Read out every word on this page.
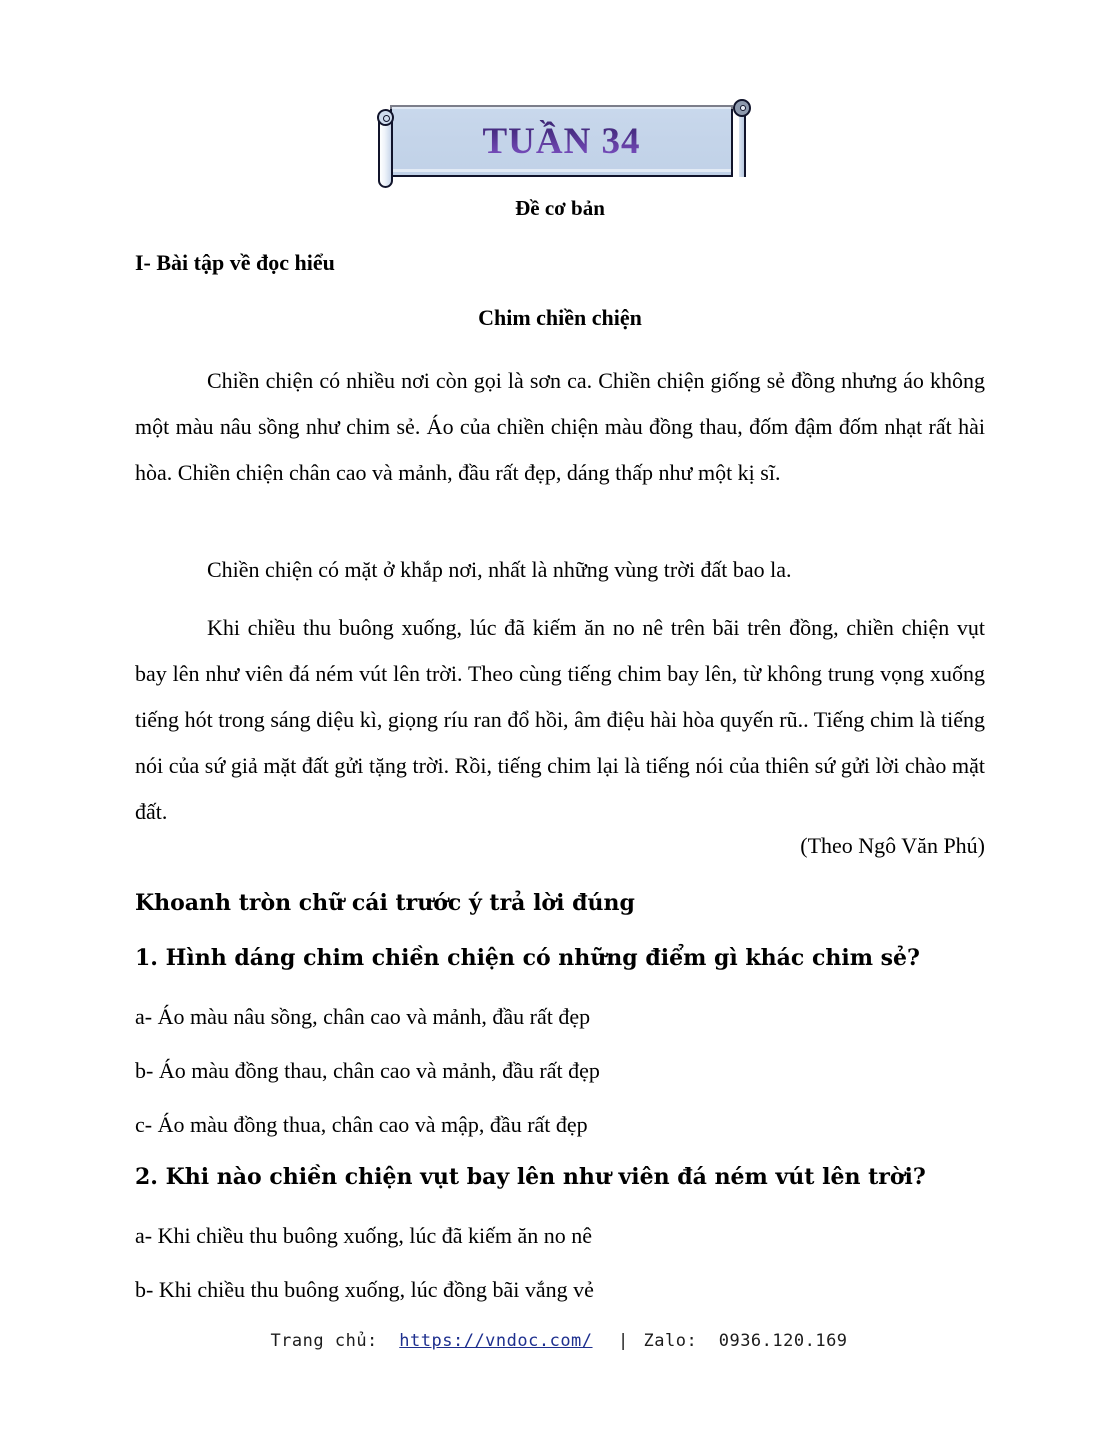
TUẦN 34
Đề cơ bản
I- Bài tập về đọc hiểu
Chim chiền chiện
Chiền chiện có nhiều nơi còn gọi là sơn ca. Chiền chiện giống sẻ đồng nhưng áo không một màu nâu sồng như chim sẻ. Áo của chiền chiện màu đồng thau, đốm đậm đốm nhạt rất hài hòa. Chiền chiện chân cao và mảnh, đầu rất đẹp, dáng thấp như một kị sĩ.
Chiền chiện có mặt ở khắp nơi, nhất là những vùng trời đất bao la.
Khi chiều thu buông xuống, lúc đã kiếm ăn no nê trên bãi trên đồng, chiền chiện vụt bay lên như viên đá ném vút lên trời. Theo cùng tiếng chim bay lên, từ không trung vọng xuống tiếng hót trong sáng diệu kì, giọng ríu ran đổ hồi, âm điệu hài hòa quyến rũ.. Tiếng chim là tiếng nói của sứ giả mặt đất gửi tặng trời. Rồi, tiếng chim lại là tiếng nói của thiên sứ gửi lời chào mặt đất.
(Theo Ngô Văn Phú)
Khoanh tròn chữ cái trước ý trả lời đúng
1. Hình dáng chim chiền chiện có những điểm gì khác chim sẻ?
a- Áo màu nâu sồng, chân cao và mảnh, đầu rất đẹp
b- Áo màu đồng thau, chân cao và mảnh, đầu rất đẹp
c- Áo màu đồng thua, chân cao và mập, đầu rất đẹp
2. Khi nào chiền chiện vụt bay lên như viên đá ném vút lên trời?
a- Khi chiều thu buông xuống, lúc đã kiếm ăn no nê
b- Khi chiều thu buông xuống, lúc đồng bãi vắng vẻ
Trang chủ: https://vndoc.com/ | Zalo: 0936.120.169
